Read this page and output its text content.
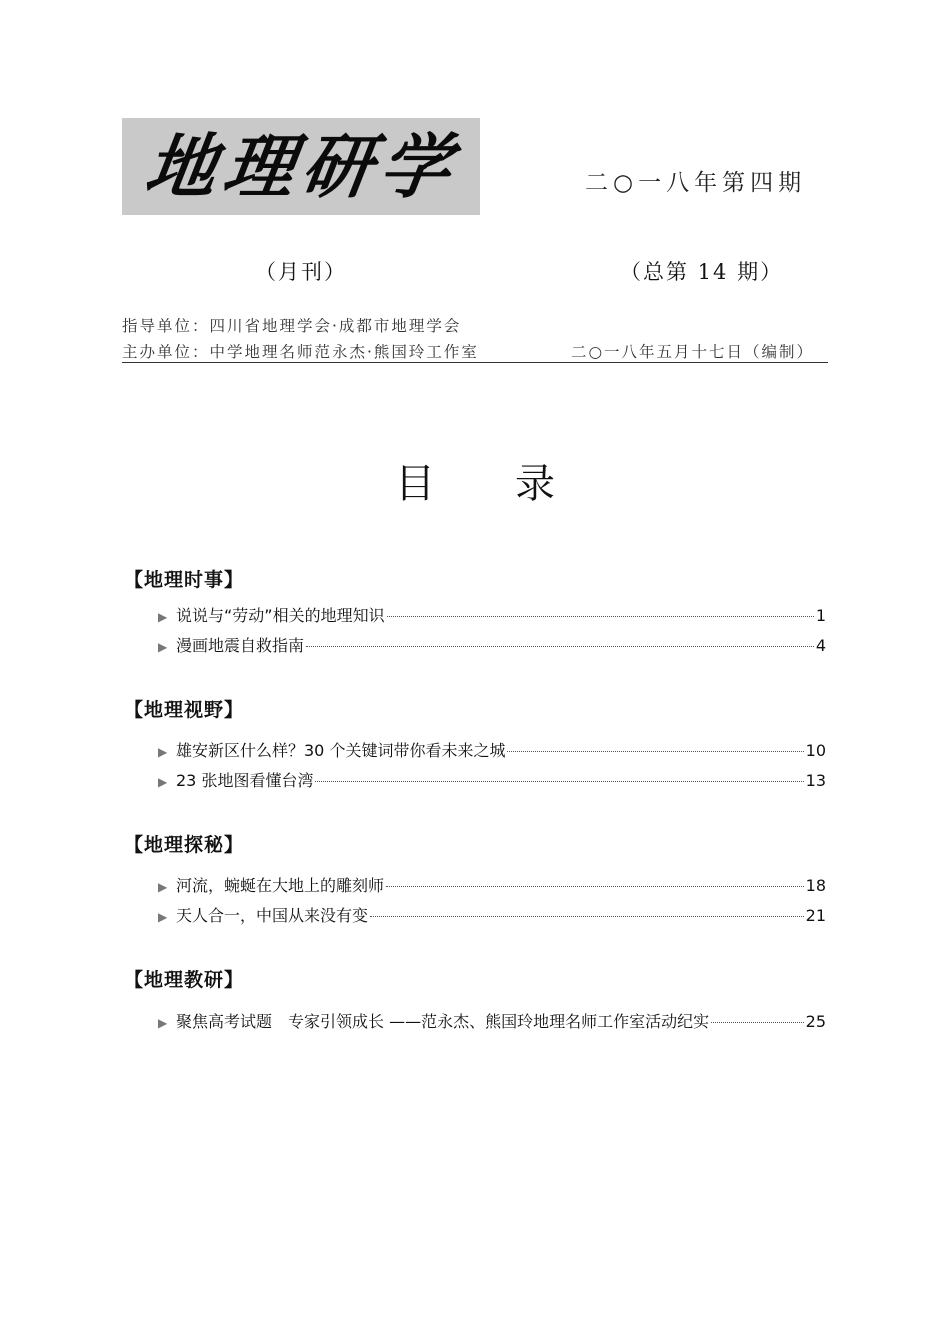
地理研学	二○一八年第四期
（月刊）	（总第 14 期）
指导单位：四川省地理学会·成都市地理学会
主办单位：中学地理名师范永杰·熊国玲工作室	二○一八年五月十七日（编制）
目录
【地理时事】
▶ 说说与“劳动”相关的地理知识	1
▶ 漫画地震自救指南	4
【地理视野】
▶ 雄安新区什么样？30 个关键词带你看未来之城	10
▶ 23 张地图看懂台湾	13
【地理探秘】
▶ 河流，蜿蜒在大地上的雕刻师	18
▶ 天人合一，中国从来没有变	21
【地理教研】
▶ 聚焦高考试题　专家引领成长 ——范永杰、熊国玲地理名师工作室活动纪实	25
